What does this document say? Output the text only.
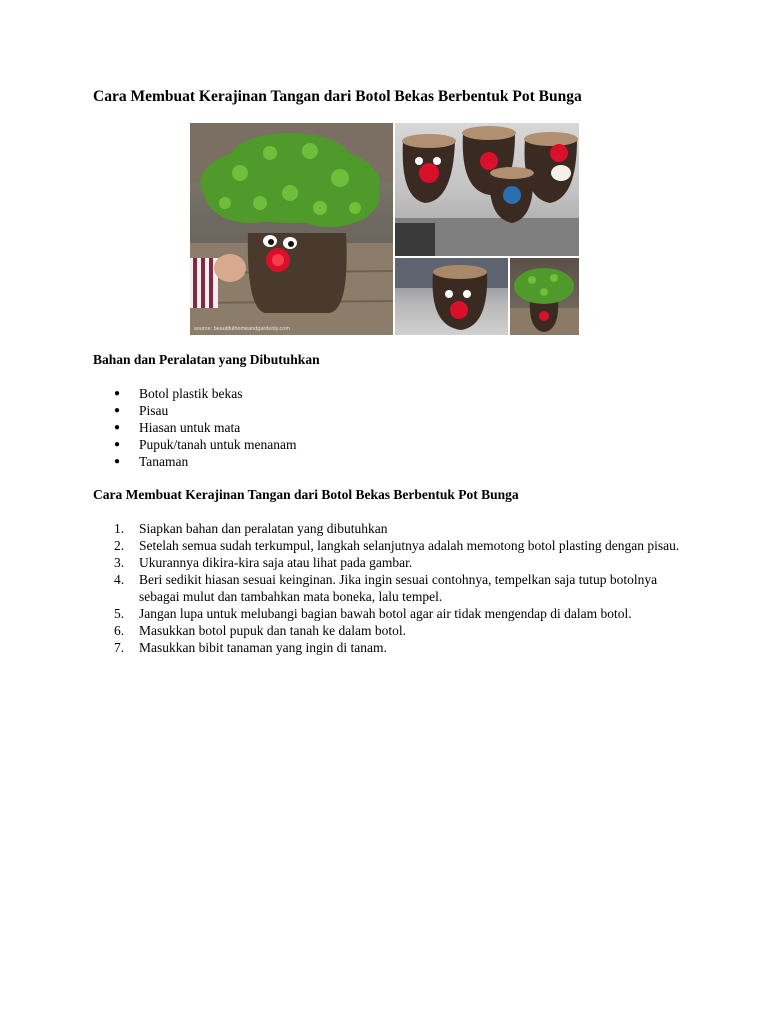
Cara Membuat Kerajinan Tangan dari Botol Bekas Berbentuk Pot Bunga
source: beautifulhomeandgardenly.com
Bahan dan Peralatan yang Dibutuhkan
● Botol plastik bekas
● Pisau
● Hiasan untuk mata
● Pupuk/tanah untuk menanam
● Tanaman
Cara Membuat Kerajinan Tangan dari Botol Bekas Berbentuk Pot Bunga
1. Siapkan bahan dan peralatan yang dibutuhkan
2. Setelah semua sudah terkumpul, langkah selanjutnya adalah memotong botol plasting dengan pisau.
3. Ukurannya dikira-kira saja atau lihat pada gambar.
4. Beri sedikit hiasan sesuai keinginan. Jika ingin sesuai contohnya, tempelkan saja tutup botolnya sebagai mulut dan tambahkan mata boneka, lalu tempel.
5. Jangan lupa untuk melubangi bagian bawah botol agar air tidak mengendap di dalam botol.
6. Masukkan botol pupuk dan tanah ke dalam botol.
7. Masukkan bibit tanaman yang ingin di tanam.
